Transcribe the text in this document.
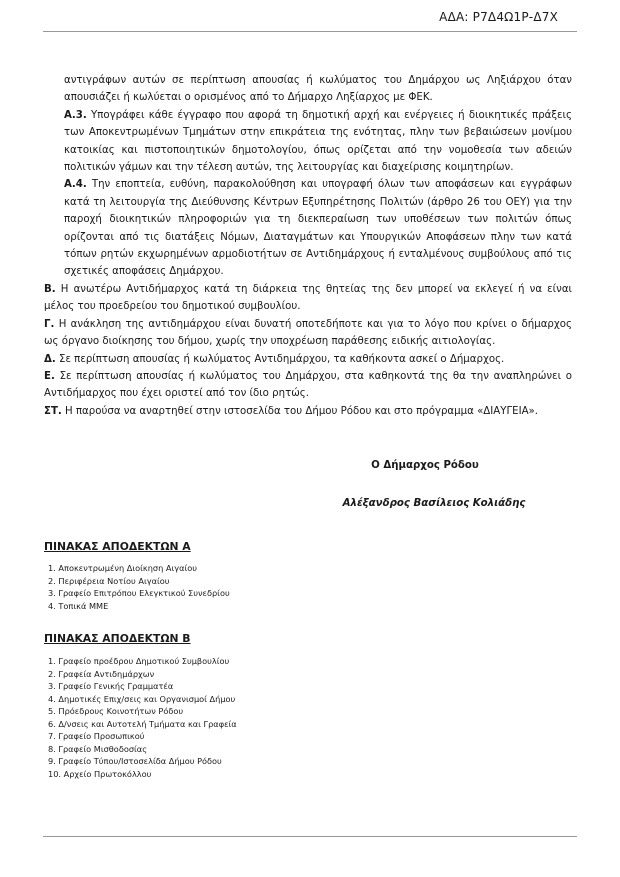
ΑΔΑ: Ρ7Δ4Ω1Ρ-Δ7Χ

αντιγράφων αυτών σε περίπτωση απουσίας ή κωλύματος του Δημάρχου ως Ληξιάρχου όταν απουσιάζει ή κωλύεται ο ορισμένος από το Δήμαρχο Ληξίαρχος με ΦΕΚ.

Α.3. Υπογράφει κάθε έγγραφο που αφορά τη δημοτική αρχή και ενέργειες ή διοικητικές πράξεις των Αποκεντρωμένων Τμημάτων στην επικράτεια της ενότητας, πλην των βεβαιώσεων μονίμου κατοικίας και πιστοποιητικών δημοτολογίου, όπως ορίζεται από την νομοθεσία των αδειών πολιτικών γάμων και την τέλεση αυτών, της λειτουργίας και διαχείρισης κοιμητηρίων.

Α.4. Την εποπτεία, ευθύνη, παρακολούθηση και υπογραφή όλων των αποφάσεων και εγγράφων κατά τη λειτουργία της Διεύθυνσης Κέντρων Εξυπηρέτησης Πολιτών (άρθρο 26 του ΟΕΥ) για την παροχή διοικητικών πληροφοριών για τη διεκπεραίωση των υποθέσεων των πολιτών όπως ορίζονται από τις διατάξεις Νόμων, Διαταγμάτων και Υπουργικών Αποφάσεων πλην των κατά τόπων ρητών εκχωρημένων αρμοδιοτήτων σε Αντιδημάρχους ή ενταλμένους συμβούλους από τις σχετικές αποφάσεις Δημάρχου.

Β. Η ανωτέρω Αντιδήμαρχος κατά τη διάρκεια της θητείας της δεν μπορεί να εκλεγεί ή να είναι μέλος του προεδρείου του δημοτικού συμβουλίου.

Γ. Η ανάκληση της αντιδημάρχου είναι δυνατή οποτεδήποτε και για το λόγο που κρίνει ο δήμαρχος ως όργανο διοίκησης του δήμου, χωρίς την υποχρέωση παράθεσης ειδικής αιτιολογίας.

Δ. Σε περίπτωση απουσίας ή κωλύματος Αντιδημάρχου, τα καθήκοντα ασκεί ο Δήμαρχος.

Ε. Σε περίπτωση απουσίας ή κωλύματος του Δημάρχου, στα καθηκοντά της θα την αναπληρώνει ο Αντιδήμαρχος που έχει οριστεί από τον ίδιο ρητώς.

ΣΤ. Η παρούσα να αναρτηθεί στην ιστοσελίδα του Δήμου Ρόδου και στο πρόγραμμα «ΔΙΑΥΓΕΙΑ».

Ο Δήμαρχος Ρόδου
Αλέξανδρος Βασίλειος Κολιάδης
ΠΙΝΑΚΑΣ ΑΠΟΔΕΚΤΩΝ Α
1. Αποκεντρωμένη Διοίκηση Αιγαίου
2. Περιφέρεια Νοτίου Αιγαίου
3. Γραφείο Επιτρόπου Ελεγκτικού Συνεδρίου
4. Τοπικά ΜΜΕ
ΠΙΝΑΚΑΣ ΑΠΟΔΕΚΤΩΝ Β
1. Γραφείο προέδρου Δημοτικού Συμβουλίου
2. Γραφεία Αντιδημάρχων
3. Γραφείο Γενικής Γραμματέα
4. Δημοτικές Επιχ/σεις και Οργανισμοί Δήμου
5. Πρόεδρους Κοινοτήτων Ρόδου
6. Δ/νσεις και Αυτοτελή Τμήματα και Γραφεία
7. Γραφείο Προσωπικού
8. Γραφείο Μισθοδοσίας
9. Γραφείο Τύπου/Ιστοσελίδα Δήμου Ρόδου
10. Αρχείο Πρωτοκόλλου
